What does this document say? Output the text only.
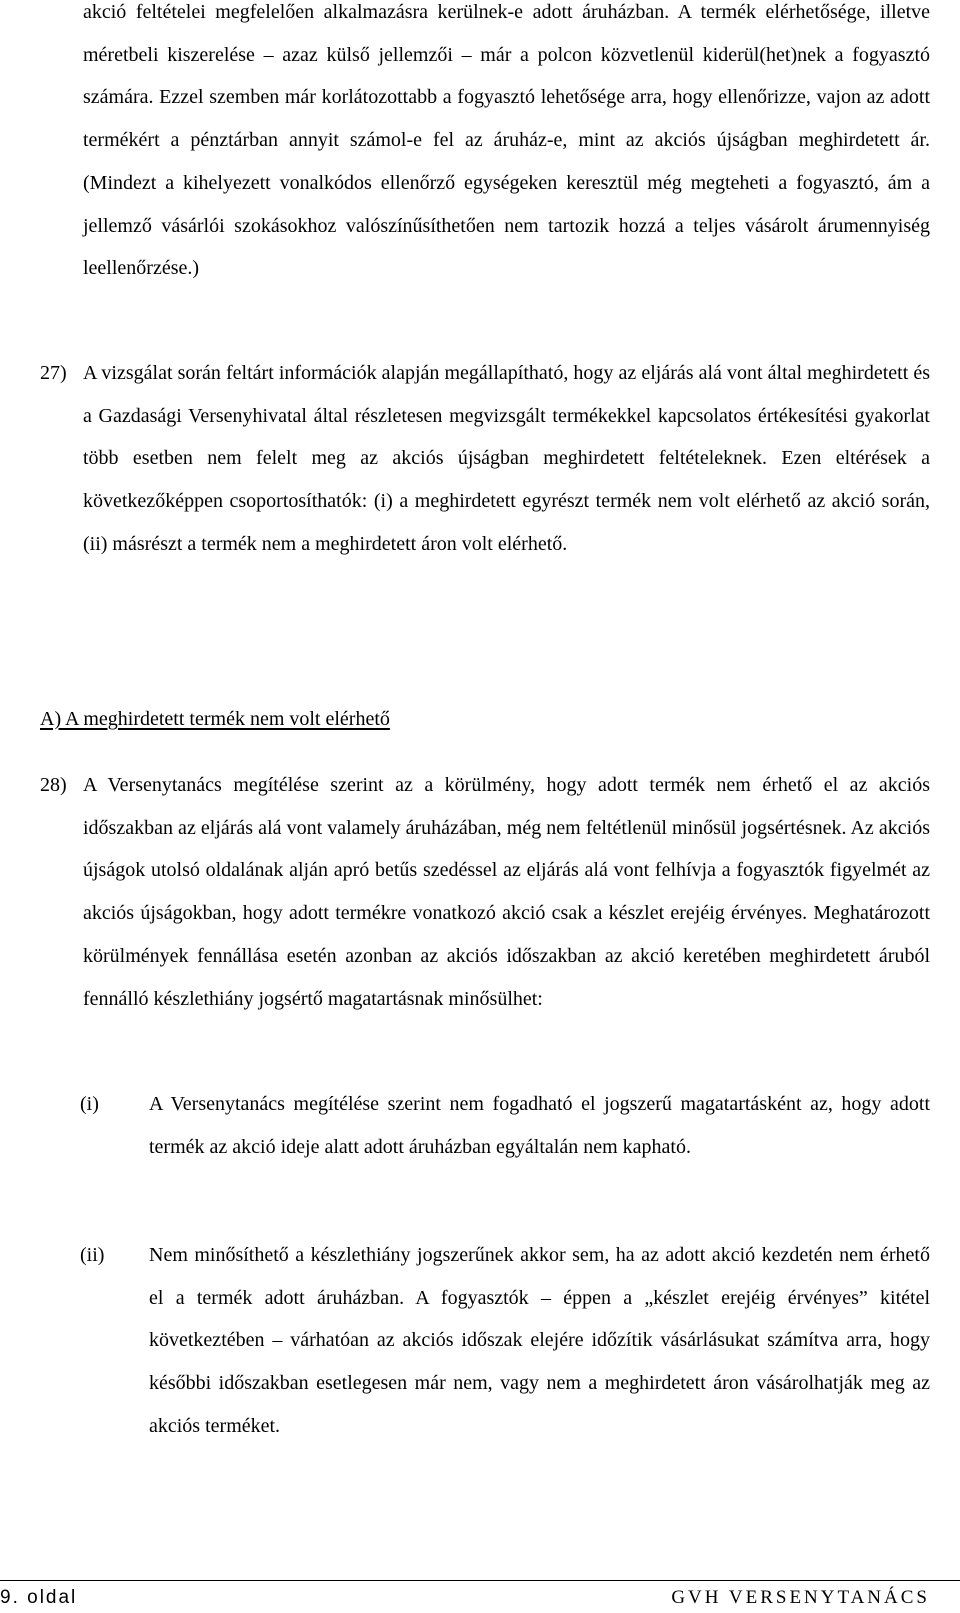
akció feltételei megfelelően alkalmazásra kerülnek-e adott áruházban. A termék elérhetősége, illetve méretbeli kiszerelése – azaz külső jellemzői – már a polcon közvetlenül kiderül(het)nek a fogyasztó számára. Ezzel szemben már korlátozottabb a fogyasztó lehetősége arra, hogy ellenőrizze, vajon az adott termékért a pénztárban annyit számol-e fel az áruház-e, mint az akciós újságban meghirdetett ár. (Mindezt a kihelyezett vonalkódos ellenőrző egységeken keresztül még megteheti a fogyasztó, ám a jellemző vásárlói szokásokhoz valószínűsíthetően nem tartozik hozzá a teljes vásárolt árumennyiség leellenőrzése.)

27) A vizsgálat során feltárt információk alapján megállapítható, hogy az eljárás alá vont által meghirdetett és a Gazdasági Versenyhivatal által részletesen megvizsgált termékekkel kapcsolatos értékesítési gyakorlat több esetben nem felelt meg az akciós újságban meghirdetett feltételeknek. Ezen eltérések a következőképpen csoportosíthatók: (i) a meghirdetett egyrészt termék nem volt elérhető az akció során, (ii) másrészt a termék nem a meghirdetett áron volt elérhető.

A) A meghirdetett termék nem volt elérhető

28) A Versenytanács megítélése szerint az a körülmény, hogy adott termék nem érhető el az akciós időszakban az eljárás alá vont valamely áruházában, még nem feltétlenül minősül jogsértésnek. Az akciós újságok utolsó oldalának alján apró betűs szedéssel az eljárás alá vont felhívja a fogyasztók figyelmét az akciós újságokban, hogy adott termékre vonatkozó akció csak a készlet erejéig érvényes. Meghatározott körülmények fennállása esetén azonban az akciós időszakban az akció keretében meghirdetett áruból fennálló készlethiány jogsértő magatartásnak minősülhet:

(i)	A Versenytanács megítélése szerint nem fogadható el jogszerű magatartásként az, hogy adott termék az akció ideje alatt adott áruházban egyáltalán nem kapható.

(ii) Nem minősíthető a készlethiány jogszerűnek akkor sem, ha az adott akció kezdetén nem érhető el a termék adott áruházban. A fogyasztók – éppen a „készlet erejéig érvényes” kitétel következtében – várhatóan az akciós időszak elejére időzítik vásárlásukat számítva arra, hogy későbbi időszakban esetlegesen már nem, vagy nem a meghirdetett áron vásárolhatják meg az akciós terméket.

9. oldal	GVH VERSENYTANÁCS
